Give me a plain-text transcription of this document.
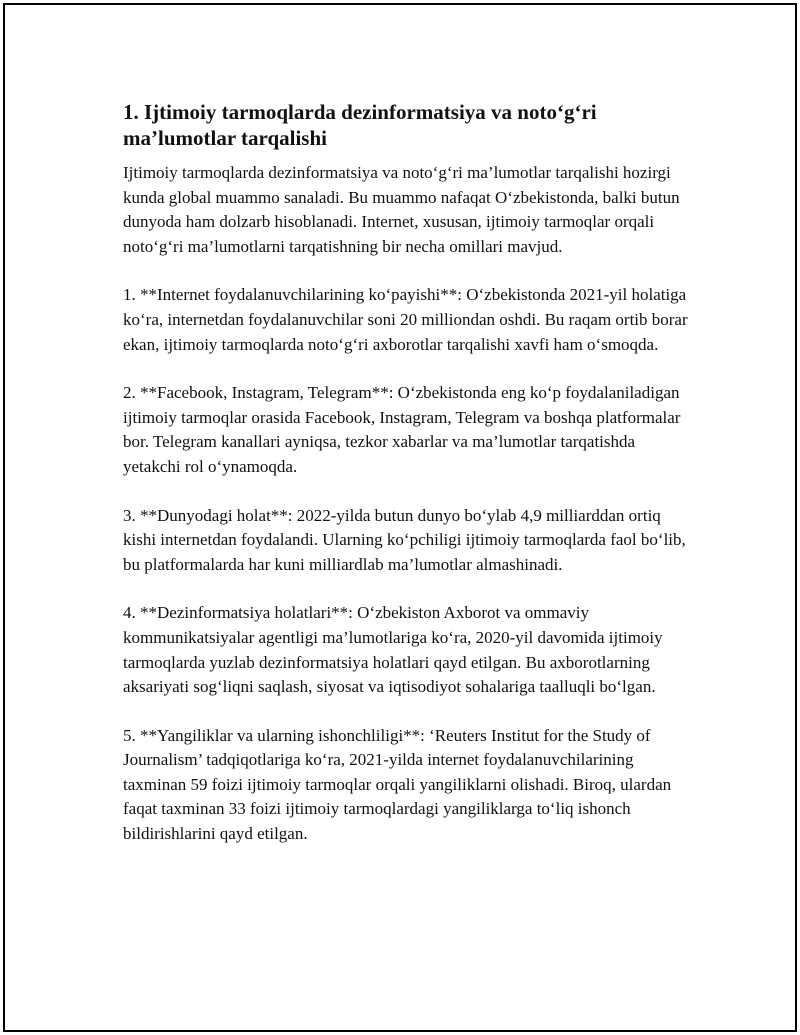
1. Ijtimoiy tarmoqlarda dezinformatsiya va noto‘g‘ri ma’lumotlar tarqalishi

Ijtimoiy tarmoqlarda dezinformatsiya va noto‘g‘ri ma’lumotlar tarqalishi hozirgi kunda global muammo sanaladi. Bu muammo nafaqat O‘zbekistonda, balki butun dunyoda ham dolzarb hisoblanadi. Internet, xususan, ijtimoiy tarmoqlar orqali noto‘g‘ri ma’lumotlarni tarqatishning bir necha omillari mavjud.

1. **Internet foydalanuvchilarining ko‘payishi**: O‘zbekistonda 2021-yil holatiga ko‘ra, internetdan foydalanuvchilar soni 20 milliondan oshdi. Bu raqam ortib borar ekan, ijtimoiy tarmoqlarda noto‘g‘ri axborotlar tarqalishi xavfi ham o‘smoqda.

2. **Facebook, Instagram, Telegram**: O‘zbekistonda eng ko‘p foydalaniladigan ijtimoiy tarmoqlar orasida Facebook, Instagram, Telegram va boshqa platformalar bor. Telegram kanallari ayniqsa, tezkor xabarlar va ma’lumotlar tarqatishda yetakchi rol o‘ynamoqda.

3. **Dunyodagi holat**: 2022-yilda butun dunyo bo‘ylab 4,9 milliarddan ortiq kishi internetdan foydalandi. Ularning ko‘pchiligi ijtimoiy tarmoqlarda faol bo‘lib, bu platformalarda har kuni milliardlab ma’lumotlar almashinadi.

4. **Dezinformatsiya holatlari**: O‘zbekiston Axborot va ommaviy kommunikatsiyalar agentligi ma’lumotlariga ko‘ra, 2020-yil davomida ijtimoiy tarmoqlarda yuzlab dezinformatsiya holatlari qayd etilgan. Bu axborotlarning aksariyati sog‘liqni saqlash, siyosat va iqtisodiyot sohalariga taalluqli bo‘lgan.

5. **Yangiliklar va ularning ishonchliligi**: ‘Reuters Institut for the Study of Journalism’ tadqiqotlariga ko‘ra, 2021-yilda internet foydalanuvchilarining taxminan 59 foizi ijtimoiy tarmoqlar orqali yangiliklarni olishadi. Biroq, ulardan faqat taxminan 33 foizi ijtimoiy tarmoqlardagi yangiliklarga to‘liq ishonch bildirishlarini qayd etilgan.
